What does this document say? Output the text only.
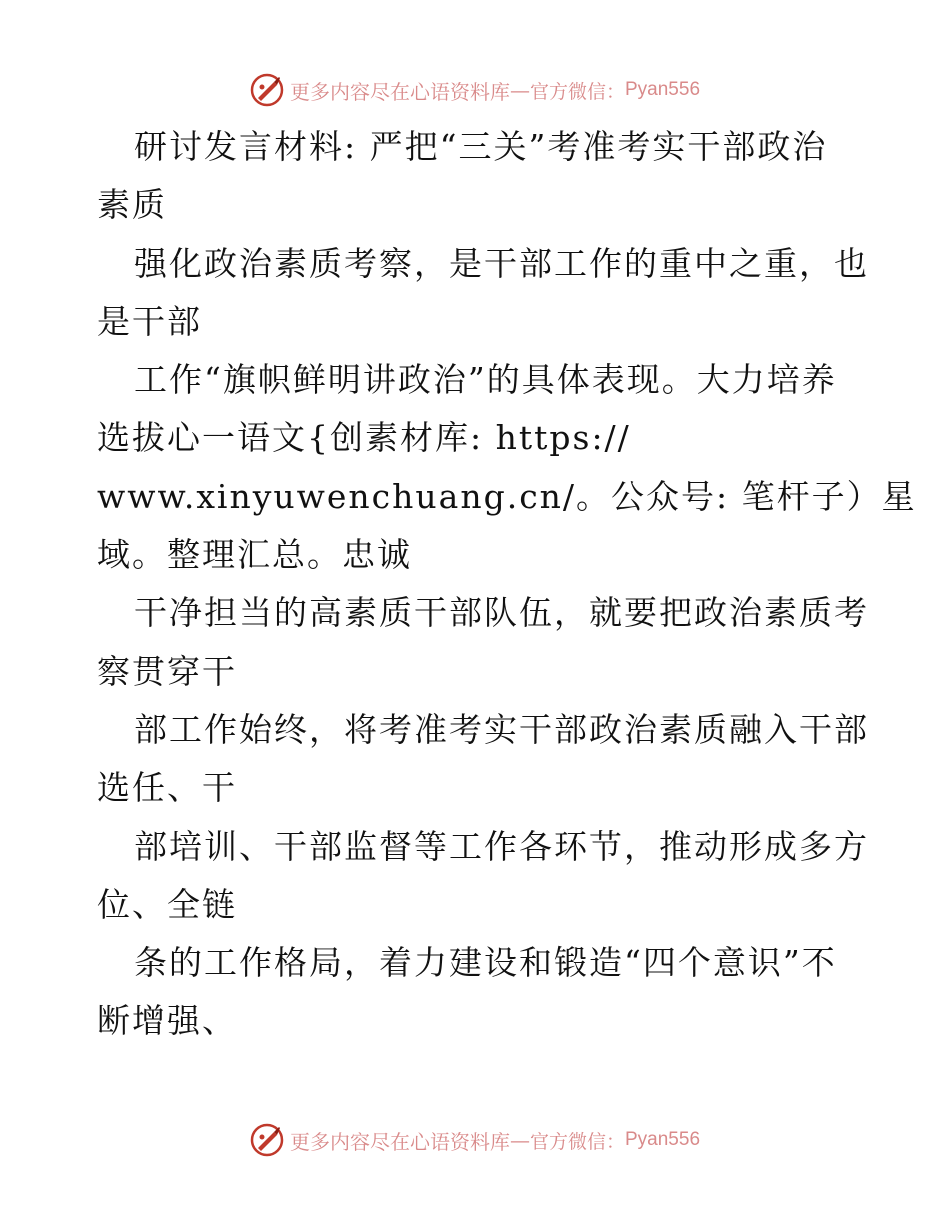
更多内容尽在心语资料库 — 官方微信： Pyan556
研讨发言材料: 严把“三关”考准考实干部政治
素质
强化政治素质考察，是干部工作的重中之重，也
是干部
工作“旗帜鲜明讲政治”的具体表现。大力培养
选拔心一语文{创素材库: https://
www.xinyuwenchuang.cn/。公众号: 笔杆子）星
域。整理汇总。忠诚
干净担当的高素质干部队伍，就要把政治素质考
察贯穿干
部工作始终，将考准考实干部政治素质融入干部
选任、干
部培训、干部监督等工作各环节，推动形成多方
位、全链
条的工作格局，着力建设和锻造“四个意识”不
断增强、
更多内容尽在心语资料库 — 官方微信： Pyan556
